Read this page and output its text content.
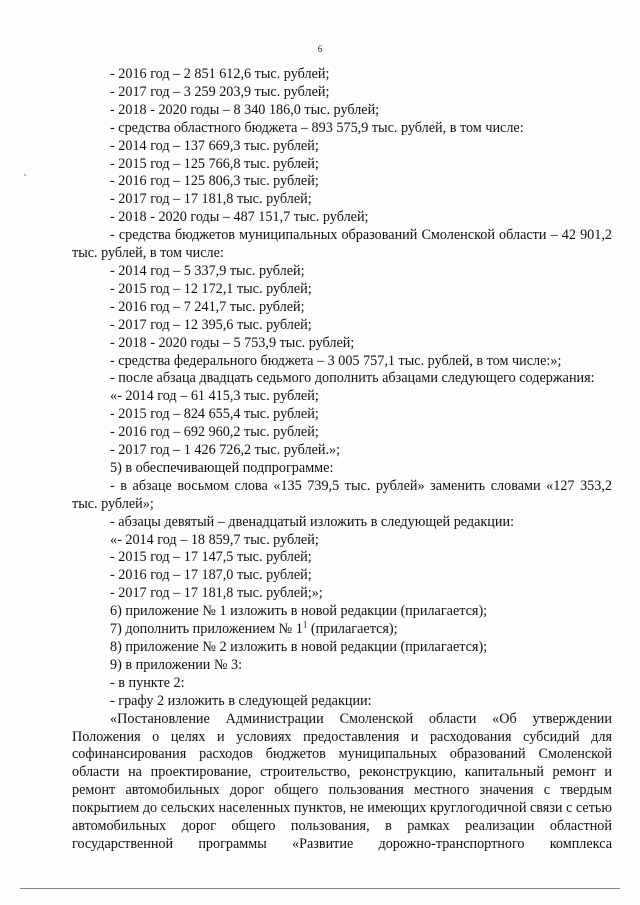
6

- 2016 год – 2 851 612,6 тыс. рублей;

- 2017 год – 3 259 203,9 тыс. рублей;

- 2018 - 2020 годы – 8 340 186,0 тыс. рублей;

- средства областного бюджета – 893 575,9 тыс. рублей, в том числе:

- 2014 год – 137 669,3 тыс. рублей;

- 2015 год – 125 766,8 тыс. рублей;

- 2016 год – 125 806,3 тыс. рублей;

- 2017 год – 17 181,8 тыс. рублей;

- 2018 - 2020 годы – 487 151,7 тыс. рублей;

- средства бюджетов муниципальных образований Смоленской области – 42 901,2 тыс. рублей, в том числе:

- 2014 год – 5 337,9 тыс. рублей;

- 2015 год – 12 172,1 тыс. рублей;

- 2016 год – 7 241,7 тыс. рублей;

- 2017 год – 12 395,6 тыс. рублей;

- 2018 - 2020 годы – 5 753,9 тыс. рублей;

- средства федерального бюджета – 3 005 757,1 тыс. рублей, в том числе:»;

- после абзаца двадцать седьмого дополнить абзацами следующего содержания:

«- 2014 год – 61 415,3 тыс. рублей;

- 2015 год – 824 655,4 тыс. рублей;

- 2016 год – 692 960,2 тыс. рублей;

- 2017 год – 1 426 726,2 тыс. рублей.»;

5) в обеспечивающей подпрограмме:

- в абзаце восьмом слова «135 739,5 тыс. рублей» заменить словами «127 353,2 тыс. рублей»;

- абзацы девятый – двенадцатый изложить в следующей редакции:

«- 2014 год – 18 859,7 тыс. рублей;

- 2015 год – 17 147,5 тыс. рублей;

- 2016 год – 17 187,0 тыс. рублей;

- 2017 год – 17 181,8 тыс. рублей;»;

6) приложение № 1 изложить в новой редакции (прилагается);

7) дополнить приложением № $1^1$ (прилагается);

8) приложение № 2 изложить в новой редакции (прилагается);

9) в приложении № 3:

- в пункте 2:

- графу 2 изложить в следующей редакции:

«Постановление Администрации Смоленской области «Об утверждении Положения о целях и условиях предоставления и расходования субсидий для софинансирования расходов бюджетов муниципальных образований Смоленской области на проектирование, строительство, реконструкцию, капитальный ремонт и ремонт автомобильных дорог общего пользования местного значения с твердым покрытием до сельских населенных пунктов, не имеющих круглогодичной связи с сетью автомобильных дорог общего пользования, в рамках реализации областной государственной программы «Развитие дорожно-транспортного комплекса
